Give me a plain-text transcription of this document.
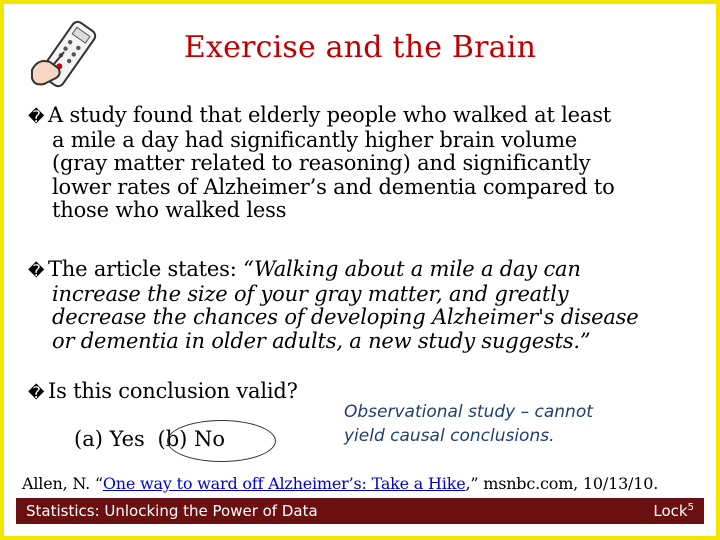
Exercise and the Brain
� A study found that elderly people who walked at least
a mile a day had significantly higher brain volume
(gray matter related to reasoning) and significantly
lower rates of Alzheimer’s and dementia compared to
those who walked less
� The article states: “Walking about a mile a day can
increase the size of your gray matter, and greatly
decrease the chances of developing Alzheimer's disease
or dementia in older adults, a new study suggests.”
� Is this conclusion valid?
(a) Yes (b) No
Observational study – cannot
yield causal conclusions.
Allen, N. “One way to ward off Alzheimer’s: Take a Hike,” msnbc.com, 10/13/10.
Statistics: Unlocking the Power of Data	Lock$^5$
